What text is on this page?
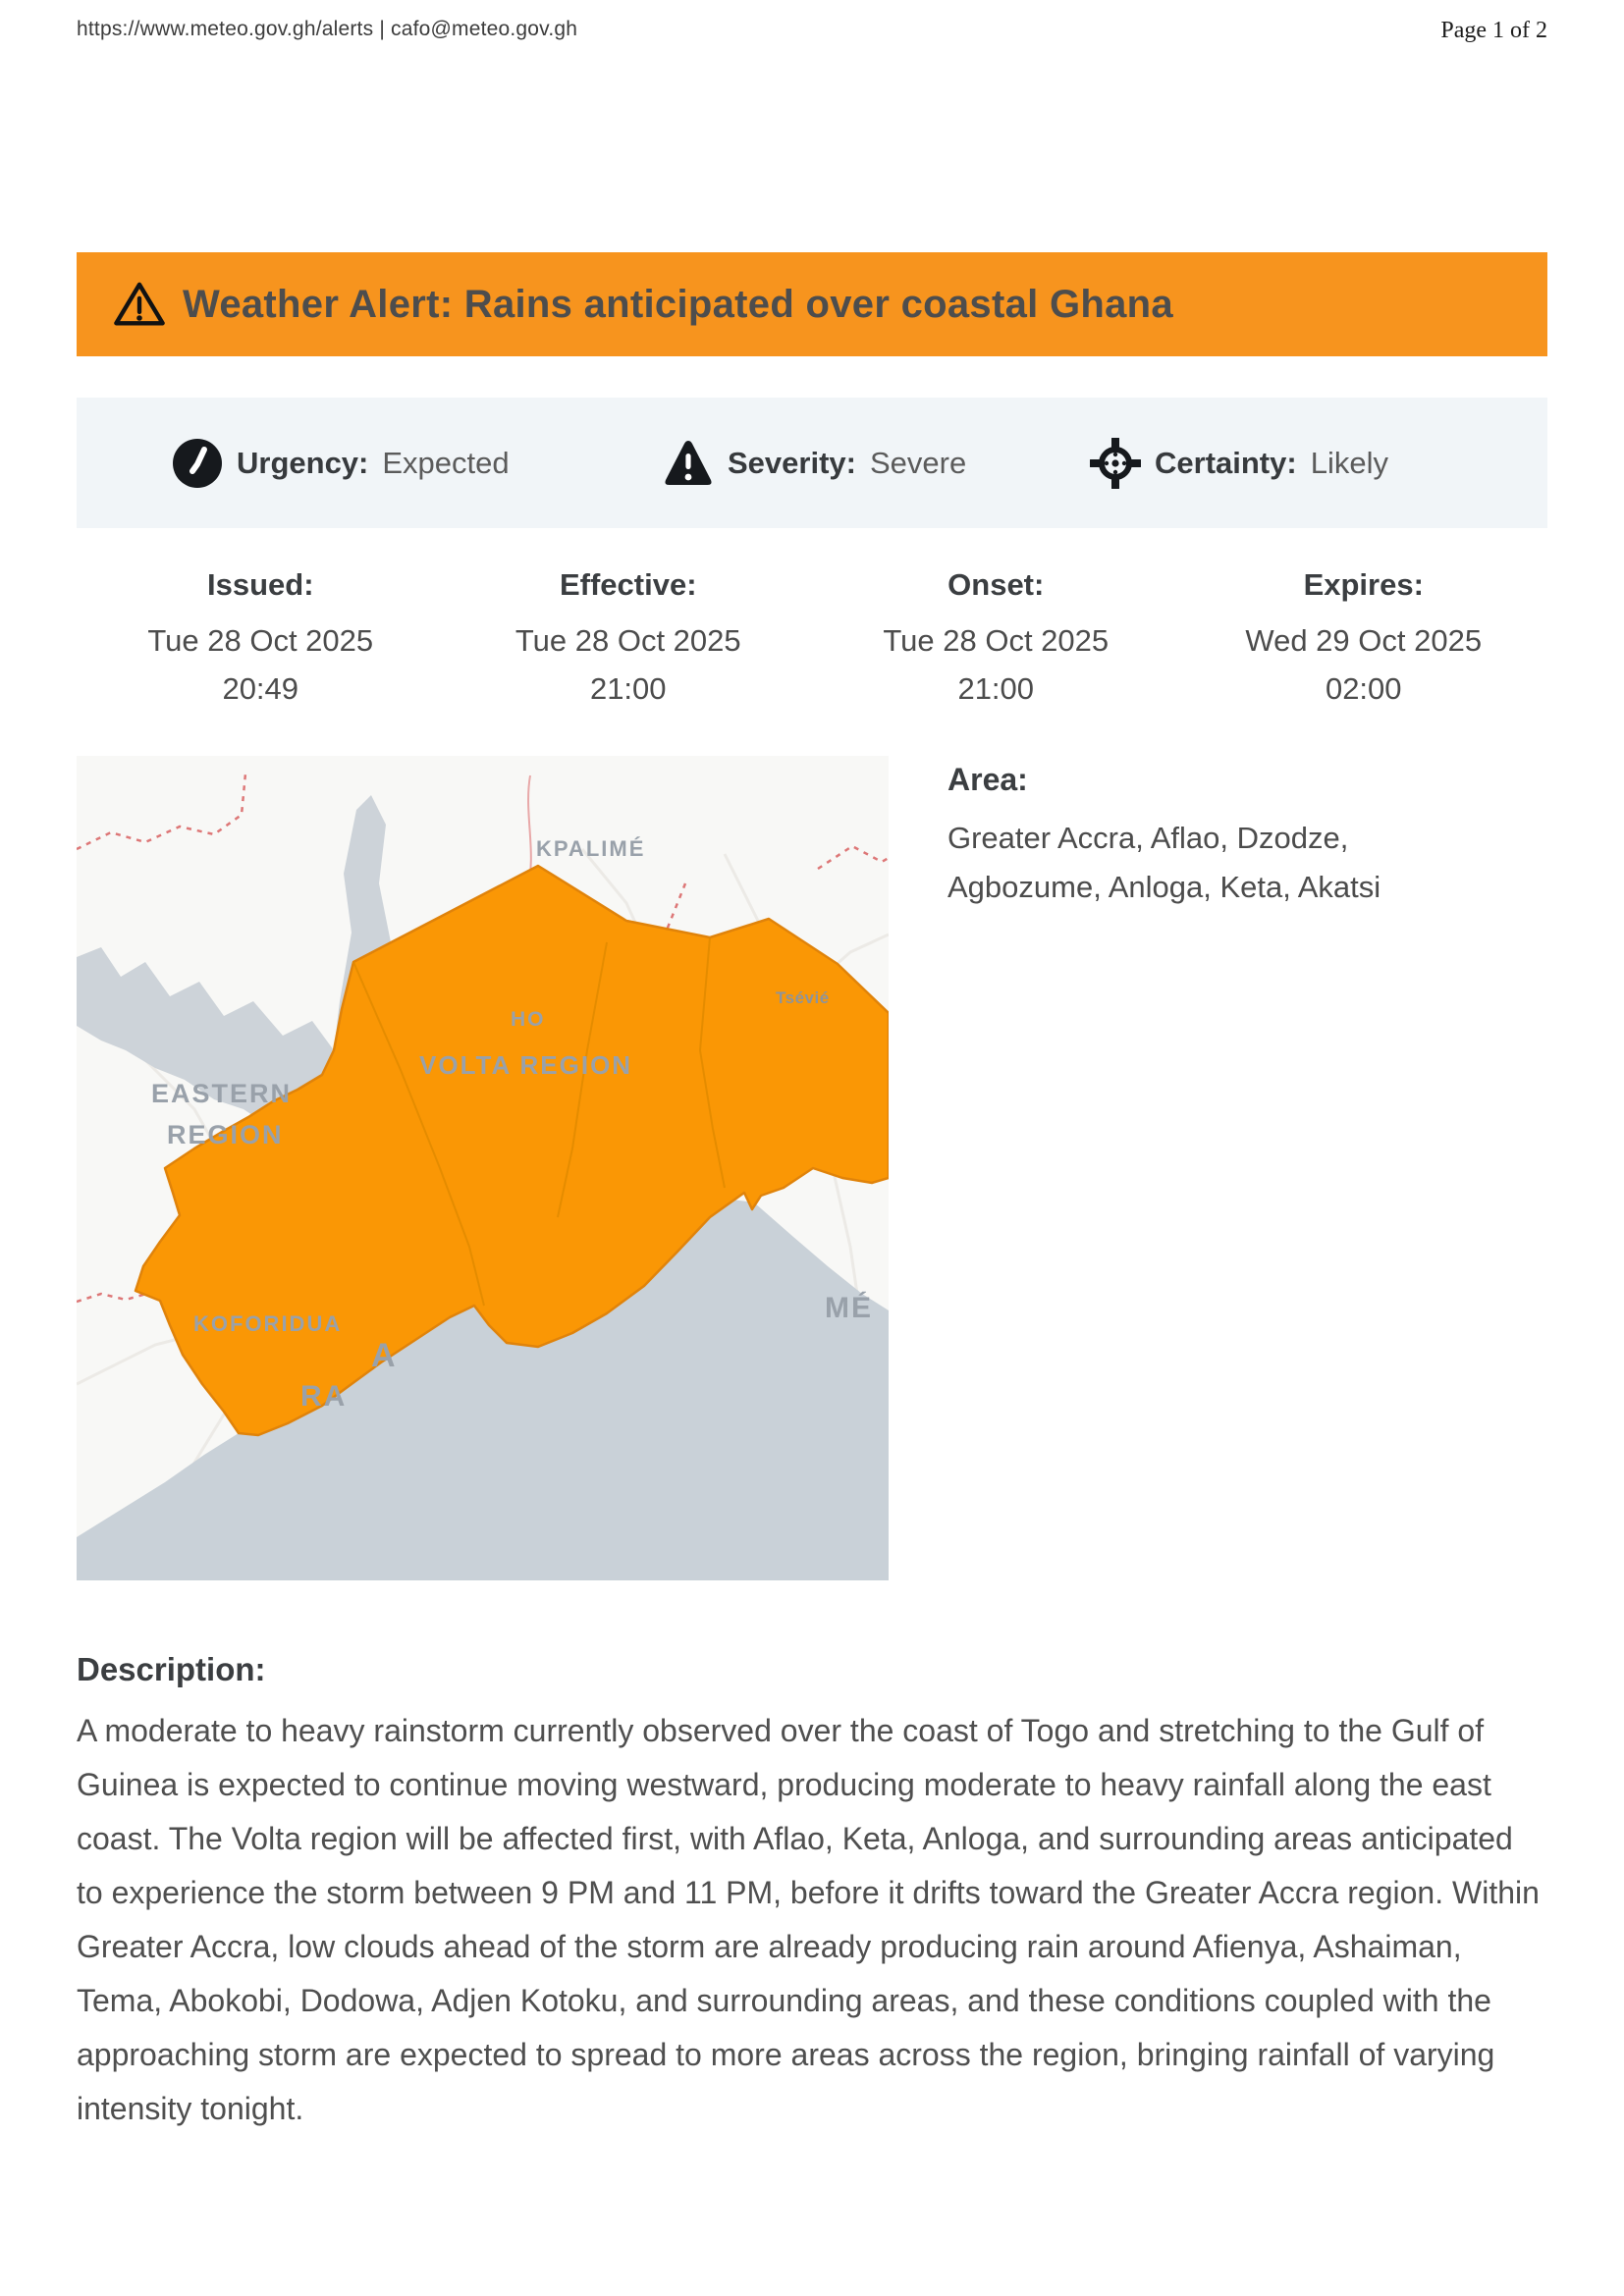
https://www.meteo.gov.gh/alerts | cafo@meteo.gov.gh	Page 1 of 2
Weather Alert: Rains anticipated over coastal Ghana
Urgency: Expected	Severity: Severe	Certainty: Likely
Issued:
Tue 28 Oct 2025
20:49
Effective:
Tue 28 Oct 2025
21:00
Onset:
Tue 28 Oct 2025
21:00
Expires:
Wed 29 Oct 2025
02:00
KPALIMÉ
HO
VOLTA REGION
EASTERN
REGION
KOFORIDUA
Tsévié
MÉ
A
RA
Area:
Greater Accra, Aflao, Dzodze, Agbozume, Anloga, Keta, Akatsi
Description:
A moderate to heavy rainstorm currently observed over the coast of Togo and stretching to the Gulf of Guinea is expected to continue moving westward, producing moderate to heavy rainfall along the east coast. The Volta region will be affected first, with Aflao, Keta, Anloga, and surrounding areas anticipated to experience the storm between 9 PM and 11 PM, before it drifts toward the Greater Accra region. Within Greater Accra, low clouds ahead of the storm are already producing rain around Afienya, Ashaiman, Tema, Abokobi, Dodowa, Adjen Kotoku, and surrounding areas, and these conditions coupled with the approaching storm are expected to spread to more areas across the region, bringing rainfall of varying intensity tonight.
